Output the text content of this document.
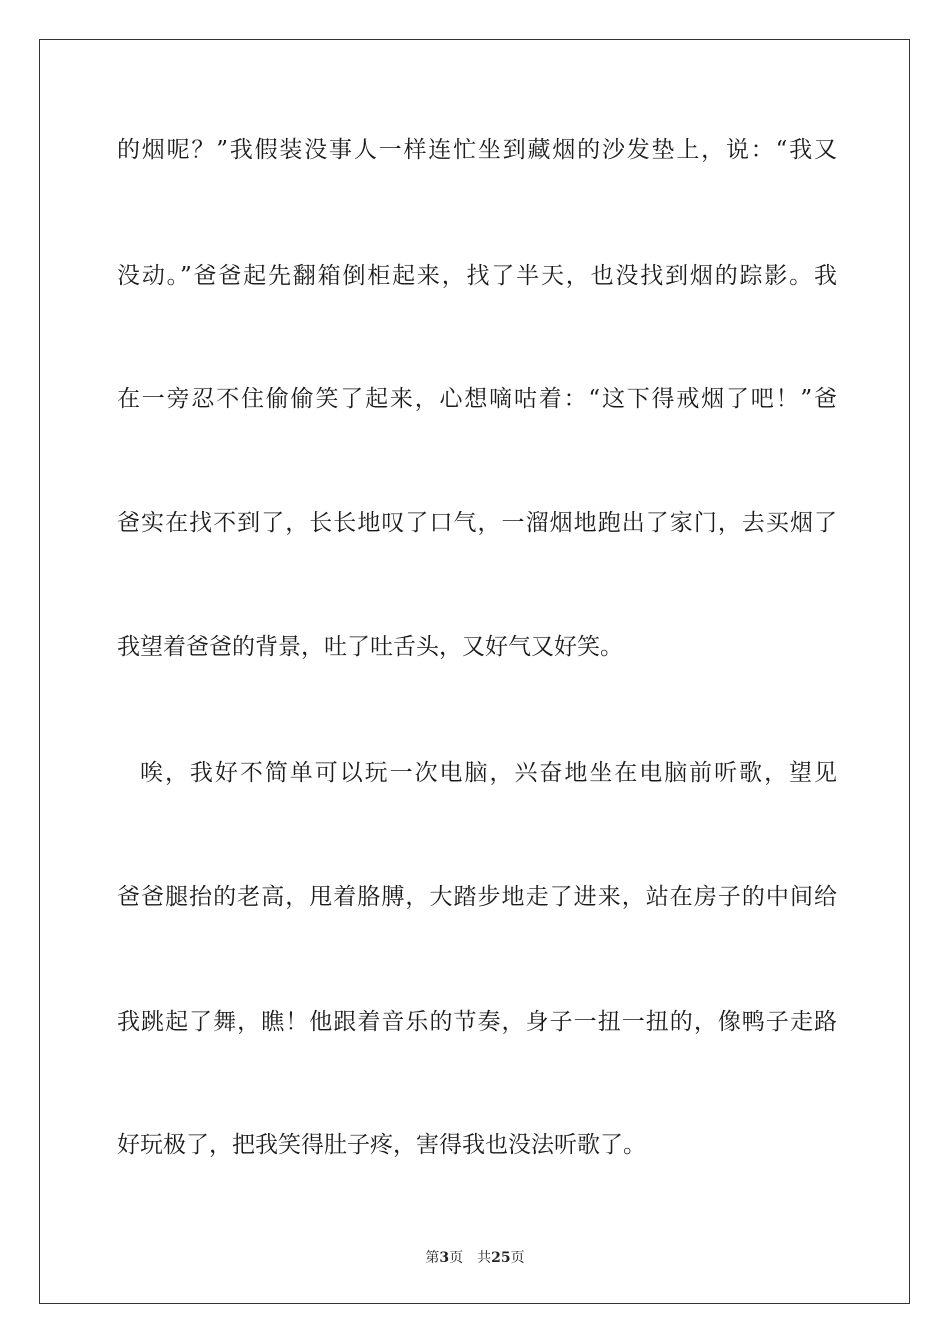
的烟呢？”我假装没事人一样连忙坐到藏烟的沙发垫上，说：“我又
没动。”爸爸起先翻箱倒柜起来，找了半天，也没找到烟的踪影。我
在一旁忍不住偷偷笑了起来，心想嘀咕着：“这下得戒烟了吧！”爸
爸实在找不到了，长长地叹了口气，一溜烟地跑出了家门，去买烟了
我望着爸爸的背景，吐了吐舌头，又好气又好笑。
唉，我好不简单可以玩一次电脑，兴奋地坐在电脑前听歌，望见
爸爸腿抬的老高，甩着胳膊，大踏步地走了进来，站在房子的中间给
我跳起了舞，瞧！他跟着音乐的节奏，身子一扭一扭的，像鸭子走路
好玩极了，把我笑得肚子疼，害得我也没法听歌了。
第3页 共25页
